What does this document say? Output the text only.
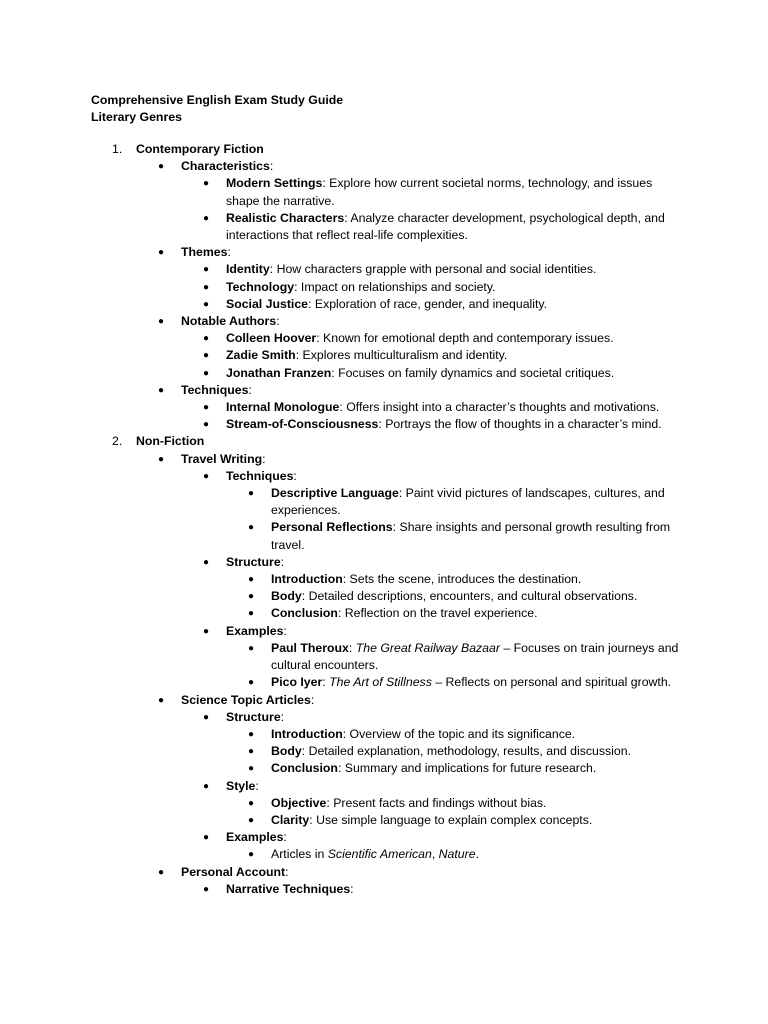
Comprehensive English Exam Study Guide
Literary Genres
1. Contemporary Fiction
● Characteristics:
● Modern Settings: Explore how current societal norms, technology, and issues shape the narrative.
● Realistic Characters: Analyze character development, psychological depth, and interactions that reflect real-life complexities.
● Themes:
● Identity: How characters grapple with personal and social identities.
● Technology: Impact on relationships and society.
● Social Justice: Exploration of race, gender, and inequality.
● Notable Authors:
● Colleen Hoover: Known for emotional depth and contemporary issues.
● Zadie Smith: Explores multiculturalism and identity.
● Jonathan Franzen: Focuses on family dynamics and societal critiques.
● Techniques:
● Internal Monologue: Offers insight into a character’s thoughts and motivations.
● Stream-of-Consciousness: Portrays the flow of thoughts in a character’s mind.
2. Non-Fiction
● Travel Writing:
● Techniques:
● Descriptive Language: Paint vivid pictures of landscapes, cultures, and experiences.
● Personal Reflections: Share insights and personal growth resulting from travel.
● Structure:
● Introduction: Sets the scene, introduces the destination.
● Body: Detailed descriptions, encounters, and cultural observations.
● Conclusion: Reflection on the travel experience.
● Examples:
● Paul Theroux: The Great Railway Bazaar – Focuses on train journeys and cultural encounters.
● Pico Iyer: The Art of Stillness – Reflects on personal and spiritual growth.
● Science Topic Articles:
● Structure:
● Introduction: Overview of the topic and its significance.
● Body: Detailed explanation, methodology, results, and discussion.
● Conclusion: Summary and implications for future research.
● Style:
● Objective: Present facts and findings without bias.
● Clarity: Use simple language to explain complex concepts.
● Examples:
● Articles in Scientific American, Nature.
● Personal Account:
● Narrative Techniques:
